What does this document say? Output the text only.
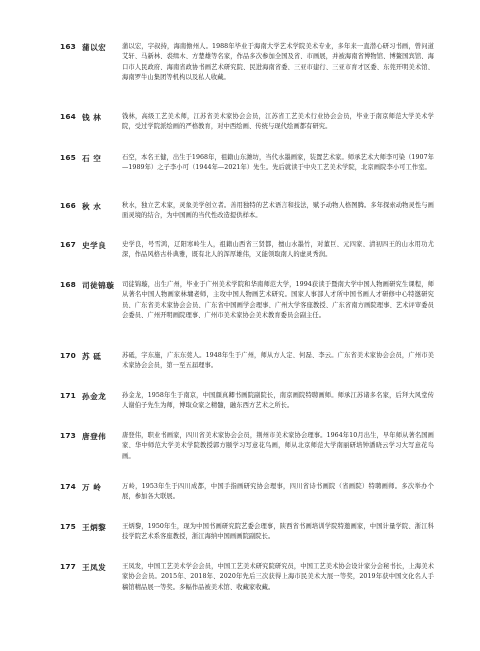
163 蒲以宏 蒲以宏，字叔持，海南儋州人。1988年毕业于海南大学艺术学院美术专业，多年来一直潜心研习书画，曾问道艾轩、马新林、裘缉木、方楚雄等名家，作品多次参加全国及省、市画展，并被海南省博物馆、博鳌国宾馆、海口市人民政府、海南省政协书画艺术研究院、民进海南省委、三亚市建行、三亚市育才区委、东莞开明美术馆、海南罗牛山集团等机构以及私人收藏。
164 钱 林	钱林，高级工艺美术师，江苏省美术家协会会员，江苏省工艺美术行业协会会员，毕业于南京师范大学美术学院，受过学院派绘画的严格教育，对中西绘画、传统与现代绘画都有研究。
165 石 空	石空，本名王健，出生于1968年，祖籍山东潍坊，当代水墨画家，装置艺术家。师承艺术大师李可染（1907年—1989年）之子李小可（1944年—2021年）先生。先后就读于中央工艺美术学院，北京画院李小可工作室。
166 秋 水	秋水，独立艺术家，灵象美学创立者。善用独特的艺术语言和技法，赋予动物人格图腾。多年探索动物灵性与画面灵境的结合，为中国画的当代性改造提供样本。
167 史学良 史学良，号雪鸿，辽阳寒岭生人，祖籍山西省三贤都，擅山水墨竹，对董巨、元四家、清初四王的山水用功尤深，作品风格古朴典雅，既有北人的浑厚雄伟，又能领取南人的虚灵秀润。
168 司徒锦璇 司徒锦璇，出生广州，毕业于广州美术学院和华南师范大学，1994获读于暨南大学中国人物画研究生课程，师从著名中国人物画家林墉老师，主攻中国人物画艺术研究。国家人事部人才所中国书画人才研修中心特邀研究员、广东省美术家协会会员、广东省中国画学会理事、广州大学客座教授、广东省南方画院理事、艺术评审委员会委员、广州开明画院理事、广州市美术家协会美术教育委员会副主任。
170 苏 砥	苏砥，字东施，广东东莞人。1948年生于广州，师从方人定、何磊、李云。广东省美术家协会会员，广州市美术家协会会员，第一至五届理事。
171 孙金龙 孙金龙，1958年生于南京，中国颜真卿书画院副院长，南京画院特聘画师。师承江苏诸多名家，后拜大风堂传人谢伯子先生为师，博取众家之精髓，融东西方艺术之所长。
173 唐登伟 唐登伟，职业书画家，四川省美术家协会会员，荆州市美术家协会理事。1964年10月出生，早年师从著名国画家、华中师范大学美术学院教授郭方颐学习写意花鸟画，师从北京师范大学南丽研培钟潘晓云学习大写意花鸟画。
174 万 岭	万岭，1953年生于四川成都，中国手指画研究协会理事，四川省诗书画院（省画院）特聘画师。多次举办个展，参加各大联展。
175 王炳黎 王炳黎，1950年生，现为中国书画研究院艺委会理事，陕西省书画培训学院特邀画家，中国计量学院、浙江科技学院艺术系客座教授，浙江海纳中国画画院副院长。
177 王凤发 王凤发，中国工艺美术学会会员，中国工艺美术研究院研究员，中国工艺美术协会设计家分会秘书长，上海美术家协会会员。2015年、2018年、2020年先后三次获得上海市民美术大展一等奖，2019年获中国文化名人手稿馆精品展一等奖。多幅作品被美术馆、收藏家收藏。
